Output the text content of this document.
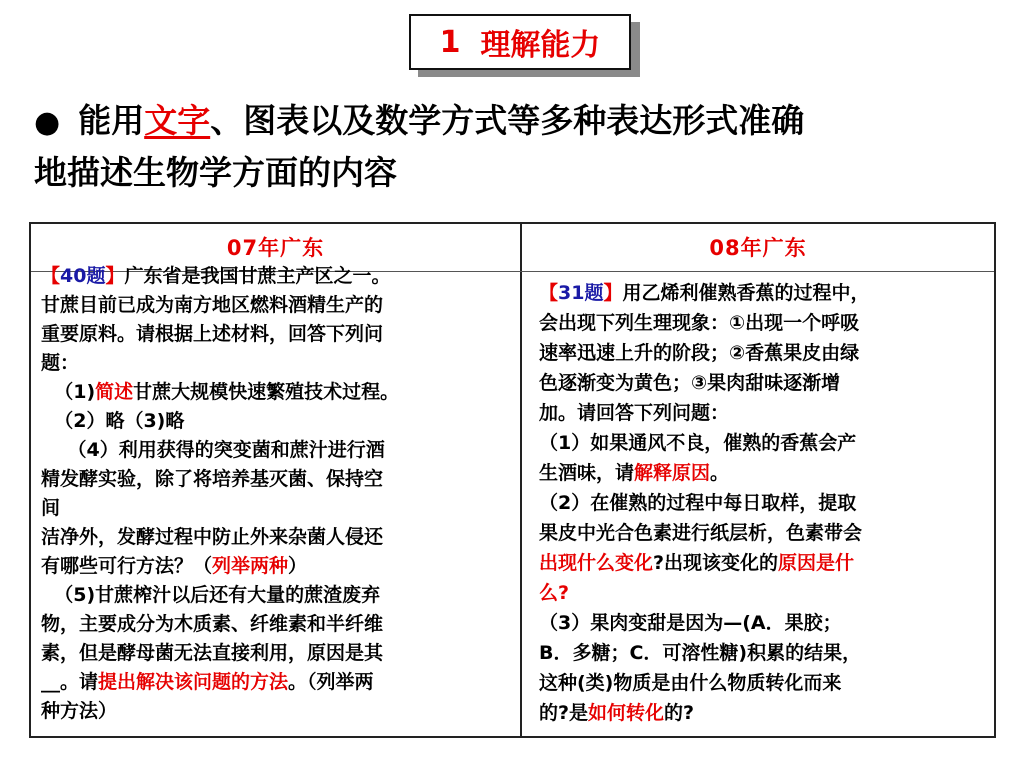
1 理解能力
● 能用文字、图表以及数学方式等多种表达形式准确
地描述生物学方面的内容
07年广东	08年广东
【40题】广东省是我国甘蔗主产区之一。
甘蔗目前已成为南方地区燃料酒精生产的
重要原料。请根据上述材料，回答下列问
题：
（1)简述甘蔗大规模快速繁殖技术过程。
（2）略（3)略
（4）利用获得的突变菌和蔗汁进行酒
精发酵实验，除了将培养基灭菌、保持空
间
洁净外，发酵过程中防止外来杂菌人侵还
有哪些可行方法？（列举两种）
（5)甘蔗榨汁以后还有大量的蔗渣废弃
物，主要成分为木质素、纤维素和半纤维
素，但是酵母菌无法直接利用，原因是其
__。请提出解决该问题的方法。（列举两
种方法）
【31题】用乙烯利催熟香蕉的过程中，
会出现下列生理现象：①出现一个呼吸
速率迅速上升的阶段；②香蕉果皮由绿
色逐渐变为黄色；③果肉甜味逐渐增
加。请回答下列问题：
（1）如果通风不良，催熟的香蕉会产
生酒味，请解释原因。
（2）在催熟的过程中每日取样，提取
果皮中光合色素进行纸层析，色素带会
出现什么变化?出现该变化的原因是什
么?
（3）果肉变甜是因为—(A．果胶；
B．多糖；C．可溶性糖)积累的结果，
这种(类)物质是由什么物质转化而来
的?是如何转化的?
